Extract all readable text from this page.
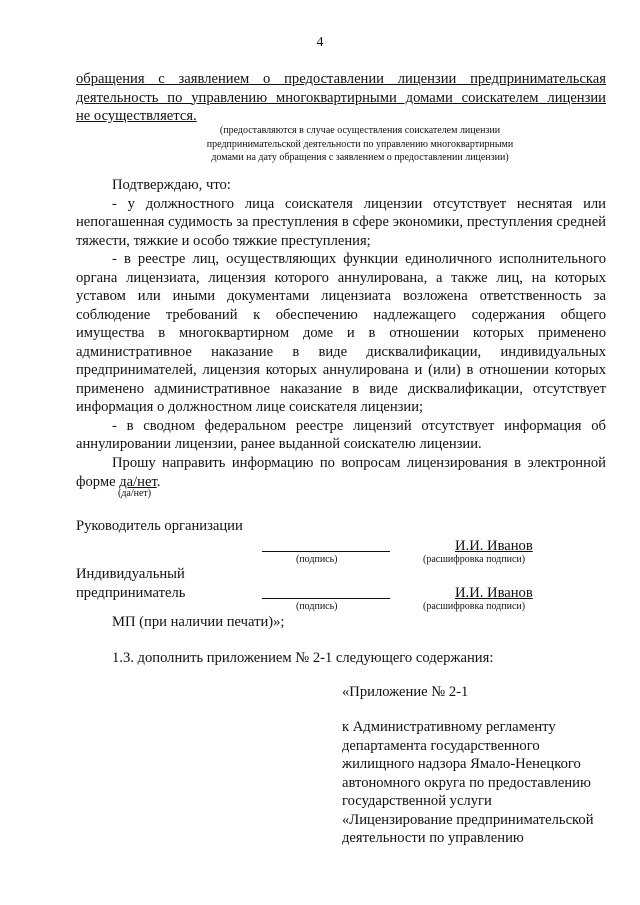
4
обращения с заявлением о предоставлении лицензии предпринимательская
деятельность по управлению многоквартирными домами соискателем лицензии
не осуществляется.
(предоставляются в случае осуществления соискателем лицензии
предпринимательской деятельности по управлению многоквартирными
домами на дату обращения с заявлением о предоставлении лицензии)

Подтверждаю, что:

- у должностного лица соискателя лицензии отсутствует неснятая или непогашенная судимость за преступления в сфере экономики, преступления средней тяжести, тяжкие и особо тяжкие преступления;

- в реестре лиц, осуществляющих функции единоличного исполнительного органа лицензиата, лицензия которого аннулирована, а также лиц, на которых уставом или иными документами лицензиата возложена ответственность за соблюдение требований к обеспечению надлежащего содержания общего имущества в многоквартирном доме и в отношении которых применено административное наказание в виде дисквалификации, индивидуальных предпринимателей, лицензия которых аннулирована и (или) в отношении которых применено административное наказание в виде дисквалификации, отсутствует информация о должностном лице соискателя лицензии;

- в сводном федеральном реестре лицензий отсутствует информация об аннулировании лицензии, ранее выданной соискателю лицензии.

Прошу направить информацию по вопросам лицензирования в электронной форме да/нет.

(да/нет)
Руководитель организации
И.И. Иванов
(подпись)	(расшифровка подписи)
Индивидуальный
предприниматель	И.И. Иванов
(подпись)	(расшифровка подписи)
МП (при наличии печати)»;
1.3. дополнить приложением № 2-1 следующего содержания:
«Приложение № 2-1
к Административному регламенту
департамента государственного
жилищного надзора Ямало-Ненецкого
автономного округа по предоставлению
государственной услуги
«Лицензирование предпринимательской
деятельности по управлению
